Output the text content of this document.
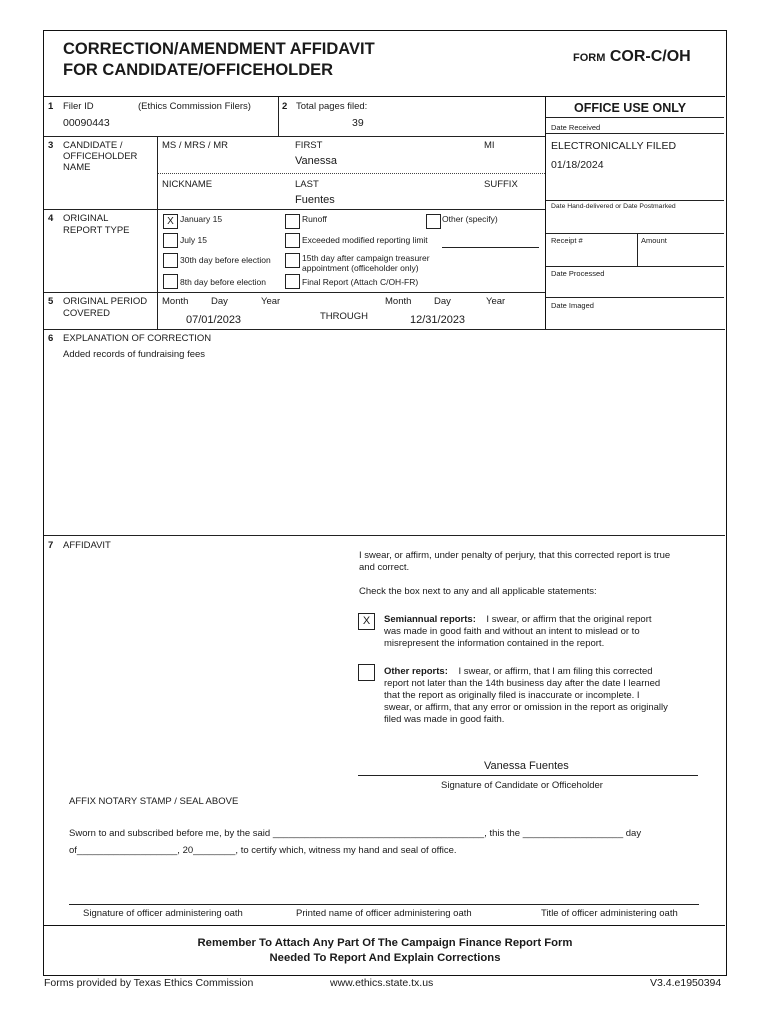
CORRECTION/AMENDMENT AFFIDAVIT
FOR CANDIDATE/OFFICEHOLDER
FORM COR-C/OH
OFFICE USE ONLY
Date Received
ELECTRONICALLY FILED
01/18/2024
Date Hand-delivered or Date Postmarked
Receipt #	Amount
Date Processed
Date Imaged
1 Filer ID	(Ethics Commission Filers)
00090443
2 Total pages filed:
39
3 CANDIDATE /
OFFICEHOLDER
NAME
MS / MRS / MR	FIRST	MI
Vanessa
NICKNAME	LAST	SUFFIX
Fuentes
4 ORIGINAL
REPORT TYPE
X January 15
July 15
30th day before election
8th day before election
Runoff
Exceeded modified reporting limit
15th day after campaign treasurer
appointment (officeholder only)
Final Report (Attach C/OH-FR)
Other (specify)
5 ORIGINAL PERIOD
COVERED
Month Day	Year	Month Day	Year
07/01/2023	THROUGH	12/31/2023
6 EXPLANATION OF CORRECTION
Added records of fundraising fees
7 AFFIDAVIT
I swear, or affirm, under penalty of perjury, that this corrected report is true
and correct.
Check the box next to any and all applicable statements:
X	Semiannual reports: I swear, or affirm that the original report
was made in good faith and without an intent to mislead or to
misrepresent the information contained in the report.
Other reports: I swear, or affirm, that I am filing this corrected
report not later than the 14th business day after the date I learned
that the report as originally filed is inaccurate or incomplete. I
swear, or affirm, that any error or omission in the report as originally
filed was made in good faith.
Vanessa Fuentes
Signature of Candidate or Officeholder
AFFIX NOTARY STAMP / SEAL ABOVE
Sworn to and subscribed before me, by the said ________________________________________, this the ___________________ day
of___________________, 20________, to certify which, witness my hand and seal of office.
Signature of officer administering oath	Printed name of officer administering oath	Title of officer administering oath
Remember To Attach Any Part Of The Campaign Finance Report Form
Needed To Report And Explain Corrections
Forms provided by Texas Ethics Commission	www.ethics.state.tx.us	V3.4.e1950394
